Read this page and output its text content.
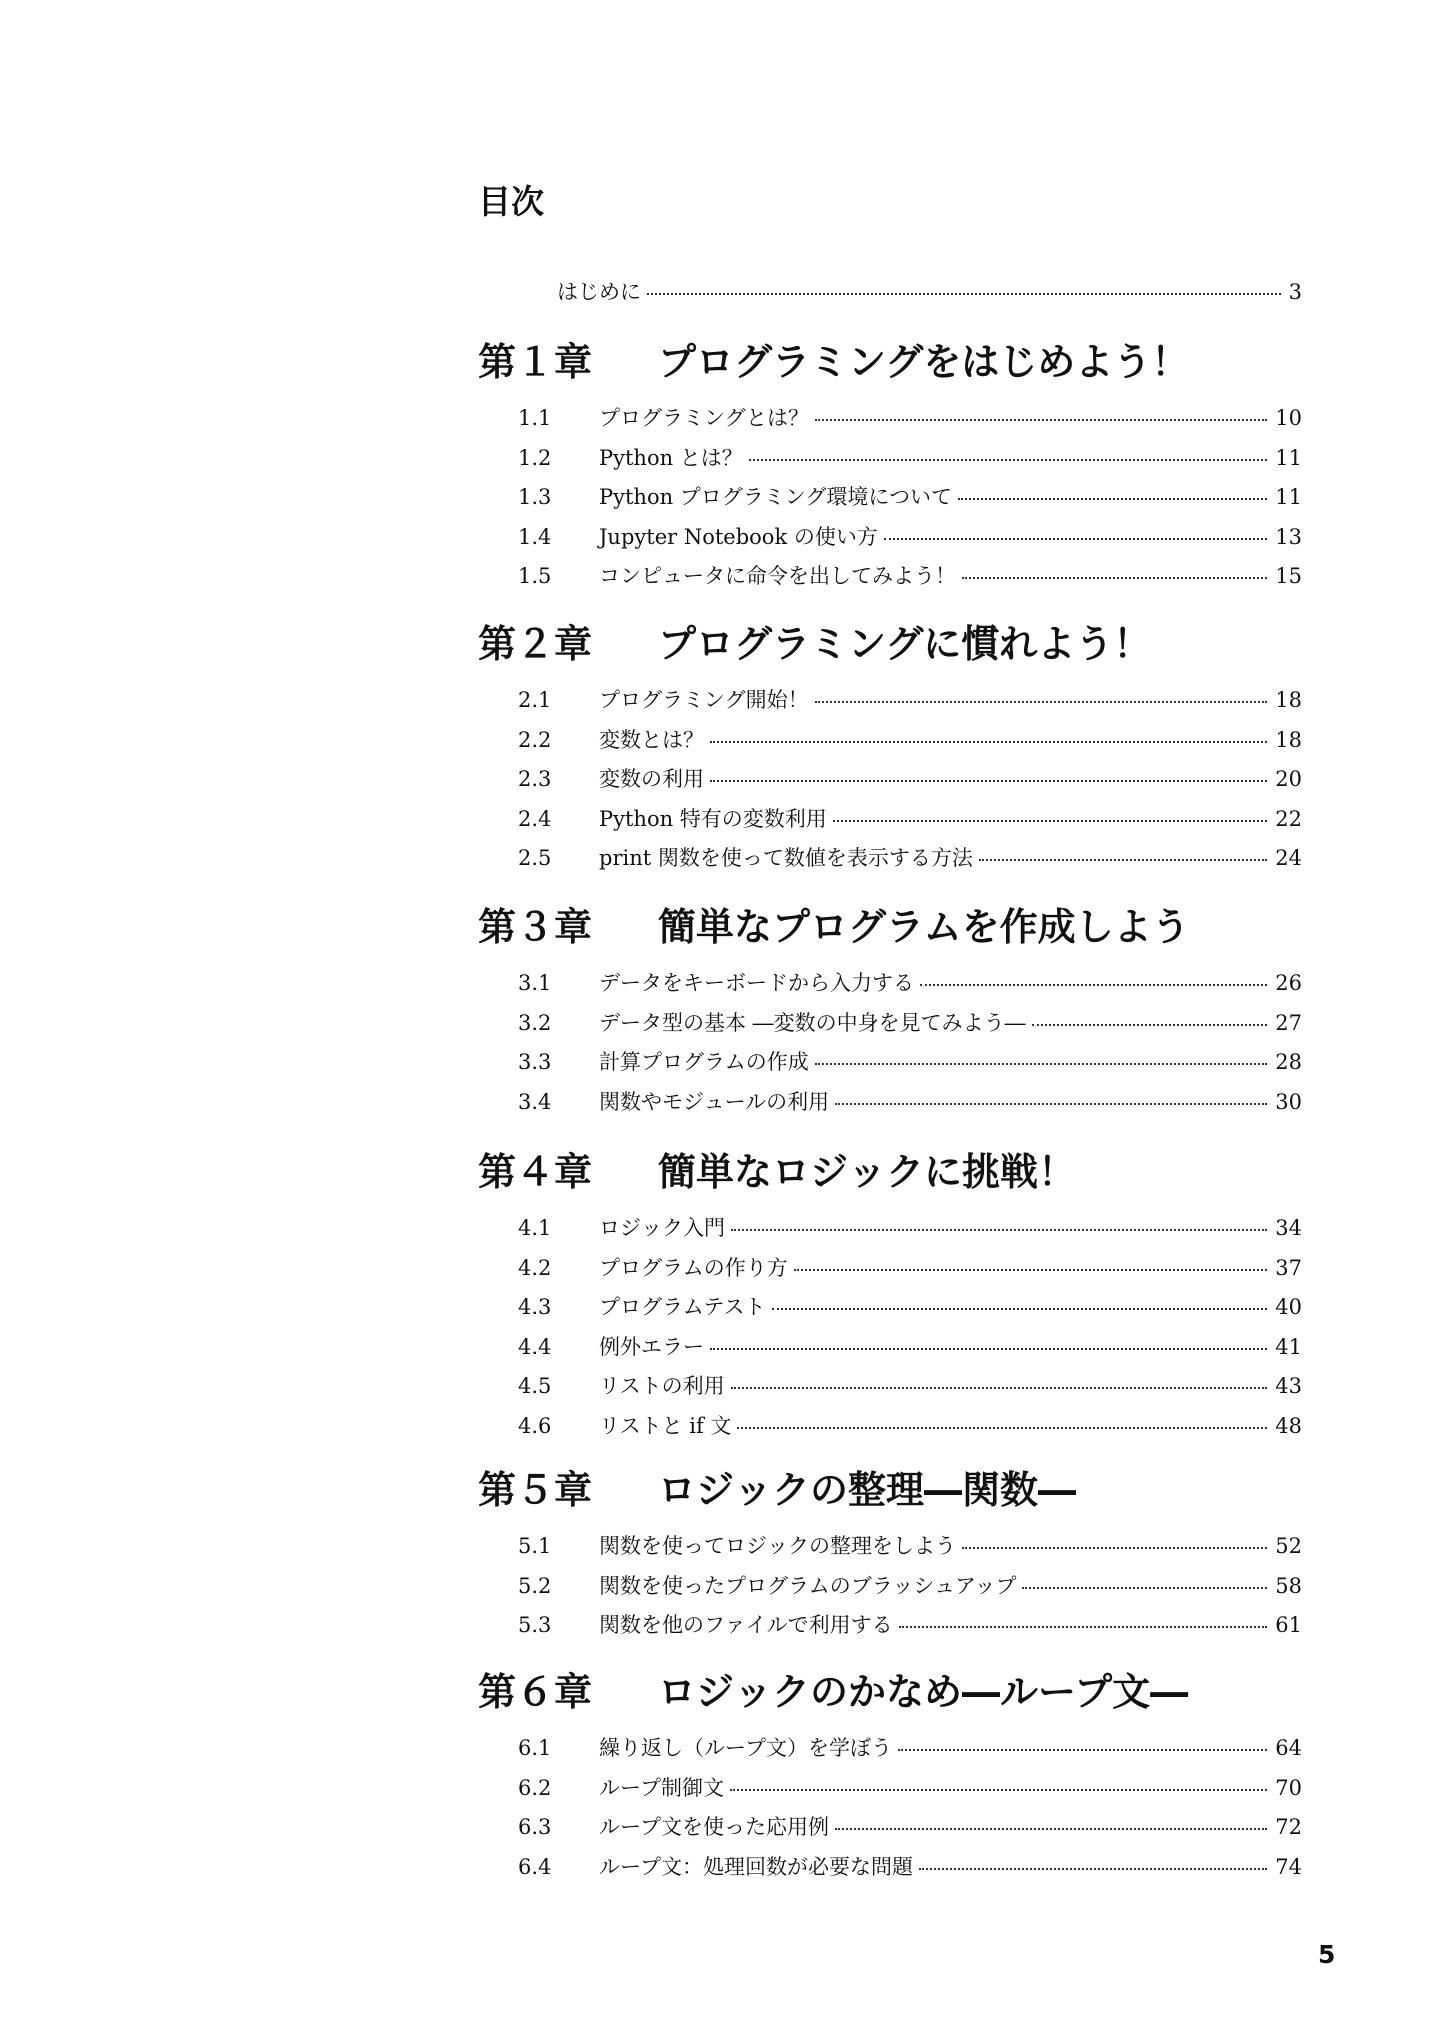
目次
はじめに	3
第１章	プログラミングをはじめよう！
1.1	プログラミングとは？	10
1.2	Python とは？	11
1.3	Python プログラミング環境について	11
1.4	Jupyter Notebook の使い方	13
1.5	コンピュータに命令を出してみよう！	15
第２章	プログラミングに慣れよう！
2.1	プログラミング開始！	18
2.2	変数とは？	18
2.3	変数の利用	20
2.4	Python 特有の変数利用	22
2.5	print 関数を使って数値を表示する方法	24
第３章	簡単なプログラムを作成しよう
3.1	データをキーボードから入力する	26
3.2	データ型の基本 ―変数の中身を見てみよう―	27
3.3	計算プログラムの作成	28
3.4	関数やモジュールの利用	30
第４章	簡単なロジックに挑戦！
4.1	ロジック入門	34
4.2	プログラムの作り方	37
4.3	プログラムテスト	40
4.4	例外エラー	41
4.5	リストの利用	43
4.6	リストと if 文	48
第５章	ロジックの整理―関数―
5.1	関数を使ってロジックの整理をしよう	52
5.2	関数を使ったプログラムのブラッシュアップ	58
5.3	関数を他のファイルで利用する	61
第６章	ロジックのかなめ―ループ文―
6.1	繰り返し（ループ文）を学ぼう	64
6.2	ループ制御文	70
6.3	ループ文を使った応用例	72
6.4	ループ文：処理回数が必要な問題	74
5
